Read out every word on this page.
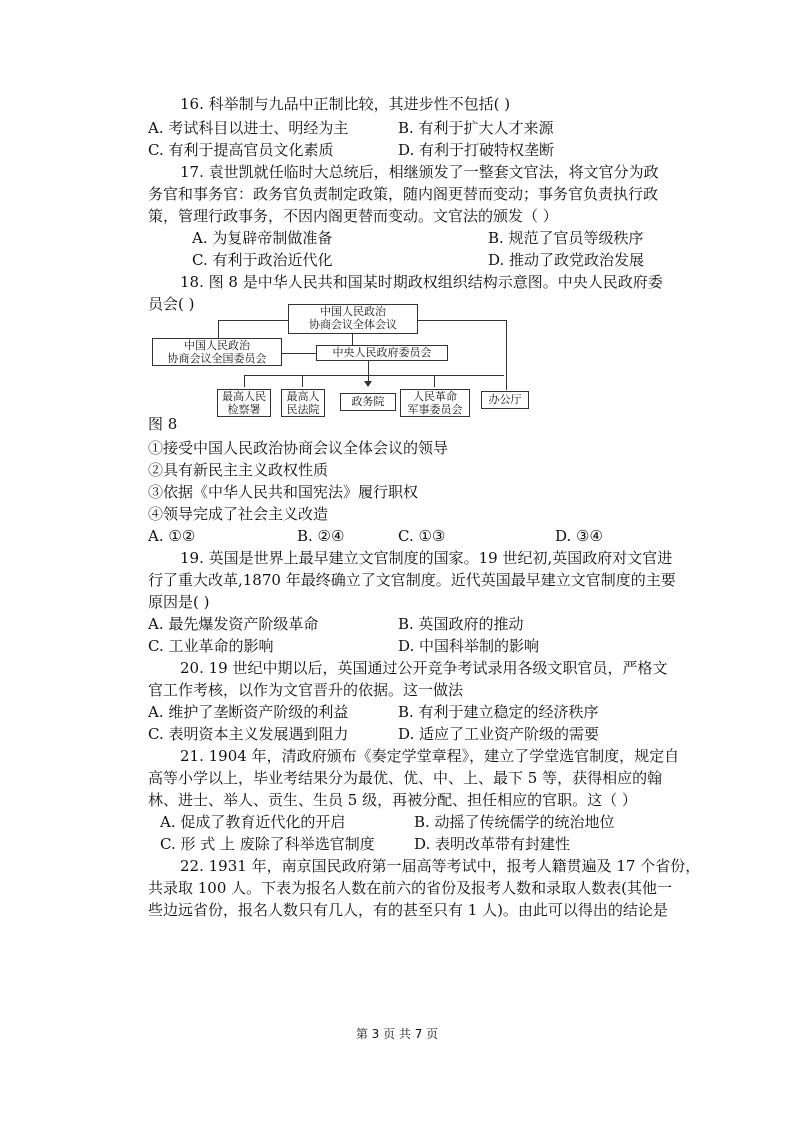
16. 科举制与九品中正制比较，其进步性不包括( )
A. 考试科目以进士、明经为主	B. 有利于扩大人才来源
C. 有利于提高官员文化素质	D. 有利于打破特权垄断
17. 袁世凯就任临时大总统后，相继颁发了一整套文官法，将文官分为政
务官和事务官：政务官负责制定政策，随内阁更替而变动；事务官负责执行政
策，管理行政事务，不因内阁更替而变动。文官法的颁发（ ）
A. 为复辟帝制做准备	B. 规范了官员等级秩序
C. 有利于政治近代化	D. 推动了政党政治发展
18. 图 8 是中华人民共和国某时期政权组织结构示意图。中央人民政府委
员会( )	中国人民政治
协商会议全体会议
中国人民政治
协商会议全国委员会	中央人民政府委员会
最高人民
检察署
最高人
民法院
政务院	人民革命
军事委员会
办公厅
图 8
①接受中国人民政治协商会议全体会议的领导
②具有新民主主义政权性质
③依据《中华人民共和国宪法》履行职权
④领导完成了社会主义改造
A. ①②	B. ②④	C. ①③	D. ③④
19. 英国是世界上最早建立文官制度的国家。19 世纪初,英国政府对文官进
行了重大改革,1870 年最终确立了文官制度。近代英国最早建立文官制度的主要
原因是( )
A. 最先爆发资产阶级革命	B. 英国政府的推动
C. 工业革命的影响	D. 中国科举制的影响
20. 19 世纪中期以后，英国通过公开竞争考试录用各级文职官员，严格文
官工作考核，以作为文官晋升的依据。这一做法
A. 维护了垄断资产阶级的利益	B. 有利于建立稳定的经济秩序
C. 表明资本主义发展遇到阻力	D. 适应了工业资产阶级的需要
21. 1904 年，清政府颁布《奏定学堂章程》，建立了学堂选官制度，规定自
高等小学以上，毕业考结果分为最优、优、中、上、最下 5 等，获得相应的翰
林、进士、举人、贡生、生员 5 级，再被分配、担任相应的官职。这（ ）
A. 促成了教育近代化的开启	B. 动摇了传统儒学的统治地位
C. 形 式 上 废除了科举选官制度	D. 表明改革带有封建性
22. 1931 年，南京国民政府第一届高等考试中，报考人籍贯遍及 17 个省份，
共录取 100 人。下表为报名人数在前六的省份及报考人数和录取人数表(其他一
些边远省份，报名人数只有几人，有的甚至只有 1 人)。由此可以得出的结论是
第 3 页 共 7 页
